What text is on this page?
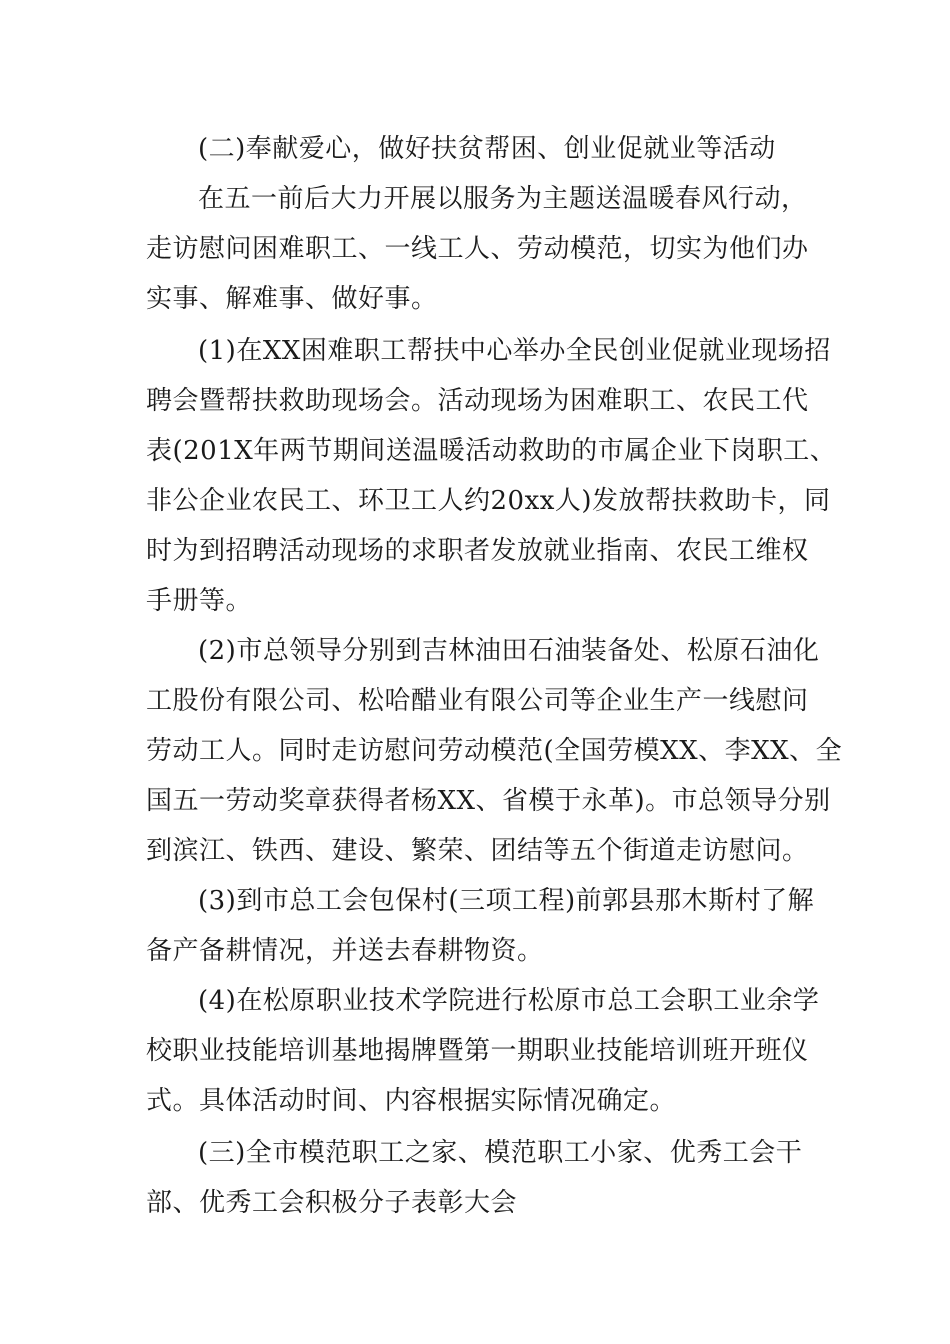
(二)奉献爱心，做好扶贫帮困、创业促就业等活动
在五一前后大力开展以服务为主题送温暖春风行动，
走访慰问困难职工、一线工人、劳动模范，切实为他们办
实事、解难事、做好事。
(1)在XX困难职工帮扶中心举办全民创业促就业现场招
聘会暨帮扶救助现场会。活动现场为困难职工、农民工代
表(201X年两节期间送温暖活动救助的市属企业下岗职工、
非公企业农民工、环卫工人约20xx人)发放帮扶救助卡，同
时为到招聘活动现场的求职者发放就业指南、农民工维权
手册等。
(2)市总领导分别到吉林油田石油装备处、松原石油化
工股份有限公司、松哈醋业有限公司等企业生产一线慰问
劳动工人。同时走访慰问劳动模范(全国劳模XX、李XX、全
国五一劳动奖章获得者杨XX、省模于永革)。市总领导分别
到滨江、铁西、建设、繁荣、团结等五个街道走访慰问。
(3)到市总工会包保村(三项工程)前郭县那木斯村了解
备产备耕情况，并送去春耕物资。
(4)在松原职业技术学院进行松原市总工会职工业余学
校职业技能培训基地揭牌暨第一期职业技能培训班开班仪
式。具体活动时间、内容根据实际情况确定。
(三)全市模范职工之家、模范职工小家、优秀工会干
部、优秀工会积极分子表彰大会
